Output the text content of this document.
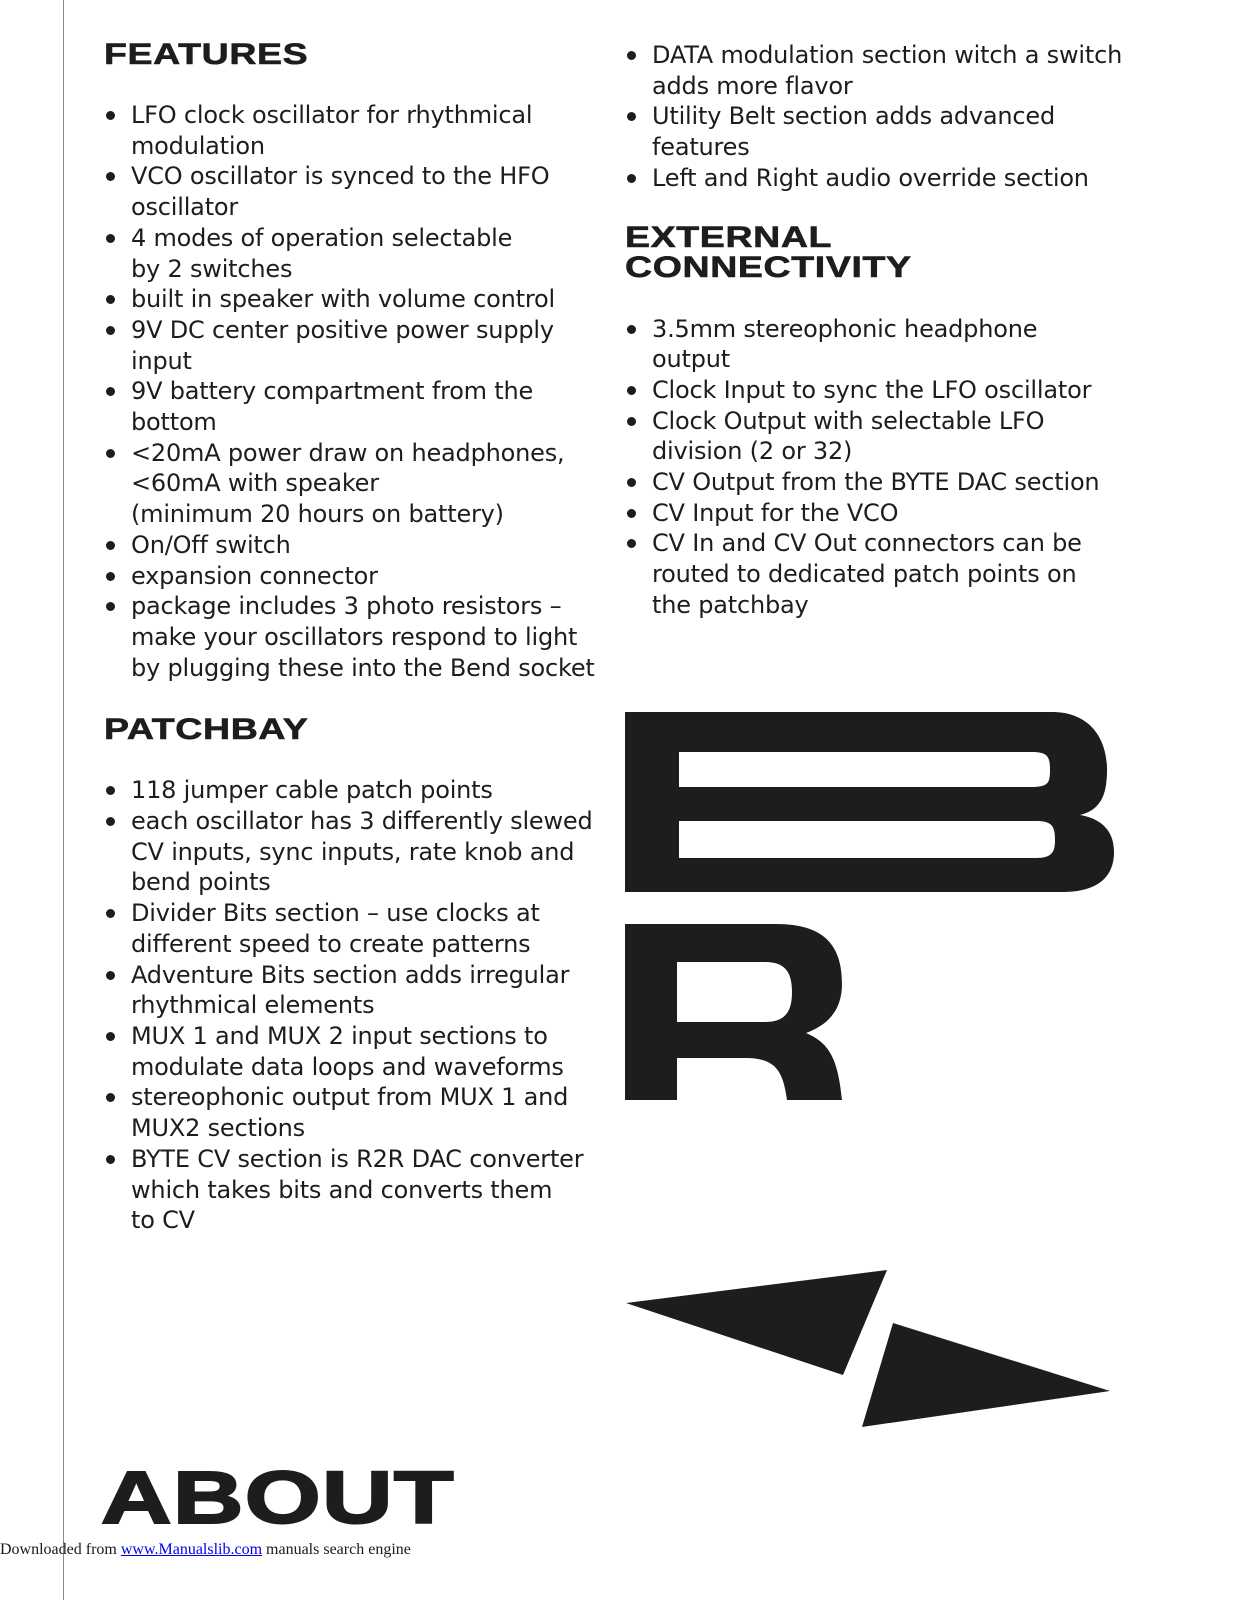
FEATURES
LFO clock oscillator for rhythmical
modulation
VCO oscillator is synced to the HFO
oscillator
4 modes of operation selectable
by 2 switches
built in speaker with volume control
9V DC center positive power supply
input
9V battery compartment from the
bottom
<20mA power draw on headphones,
<60mA with speaker
(minimum 20 hours on battery)
On/Off switch
expansion connector
package includes 3 photo resistors –
make your oscillators respond to light
by plugging these into the Bend socket
PATCHBAY
118 jumper cable patch points
each oscillator has 3 differently slewed
CV inputs, sync inputs, rate knob and
bend points
Divider Bits section – use clocks at
different speed to create patterns
Adventure Bits section adds irregular
rhythmical elements
MUX 1 and MUX 2 input sections to
modulate data loops and waveforms
stereophonic output from MUX 1 and
MUX2 sections
BYTE CV section is R2R DAC converter
which takes bits and converts them
to CV
DATA modulation section witch a switch
adds more flavor
Utility Belt section adds advanced
features
Left and Right audio override section
EXTERNAL
CONNECTIVITY
3.5mm stereophonic headphone
output
Clock Input to sync the LFO oscillator
Clock Output with selectable LFO
division (2 or 32)
CV Output from the BYTE DAC section
CV Input for the VCO
CV In and CV Out connectors can be
routed to dedicated patch points on
the patchbay
ABOUT
Downloaded from www.Manualslib.com manuals search engine
